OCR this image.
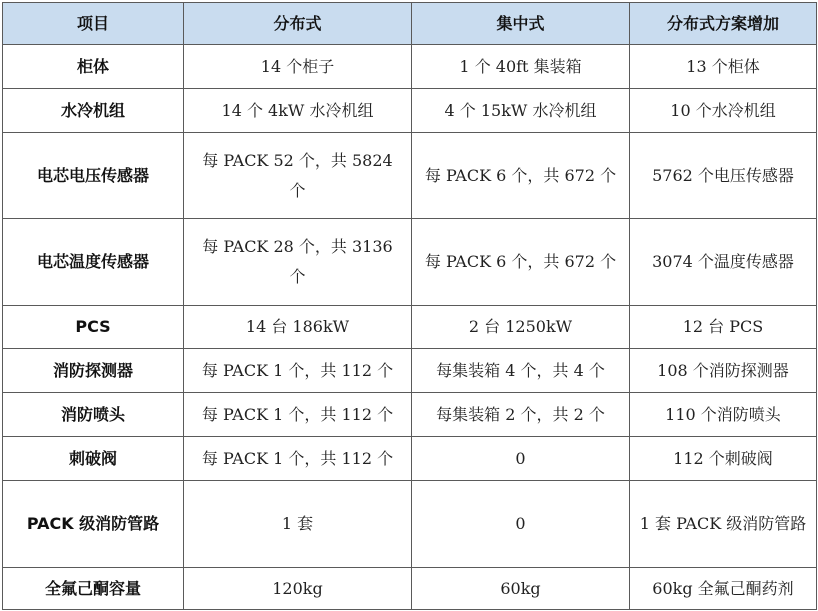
项目	分布式	集中式	分布式方案增加
柜体	14 个柜子	1 个 40ft 集装箱	13 个柜体
水冷机组	14 个 4kW 水冷机组	4 个 15kW 水冷机组	10 个水冷机组
电芯电压传感器	每 PACK 52 个，共 5824 个	每 PACK 6 个，共 672 个	5762 个电压传感器
电芯温度传感器	每 PACK 28 个，共 3136 个	每 PACK 6 个，共 672 个	3074 个温度传感器
PCS	14 台 186kW	2 台 1250kW	12 台 PCS
消防探测器	每 PACK 1 个，共 112 个	每集装箱 4 个，共 4 个	108 个消防探测器
消防喷头	每 PACK 1 个，共 112 个	每集装箱 2 个，共 2 个	110 个消防喷头
刺破阀	每 PACK 1 个，共 112 个	0	112 个刺破阀
PACK 级消防管路	1 套	0	1 套 PACK 级消防管路
全氟己酮容量	120kg	60kg	60kg 全氟己酮药剂
